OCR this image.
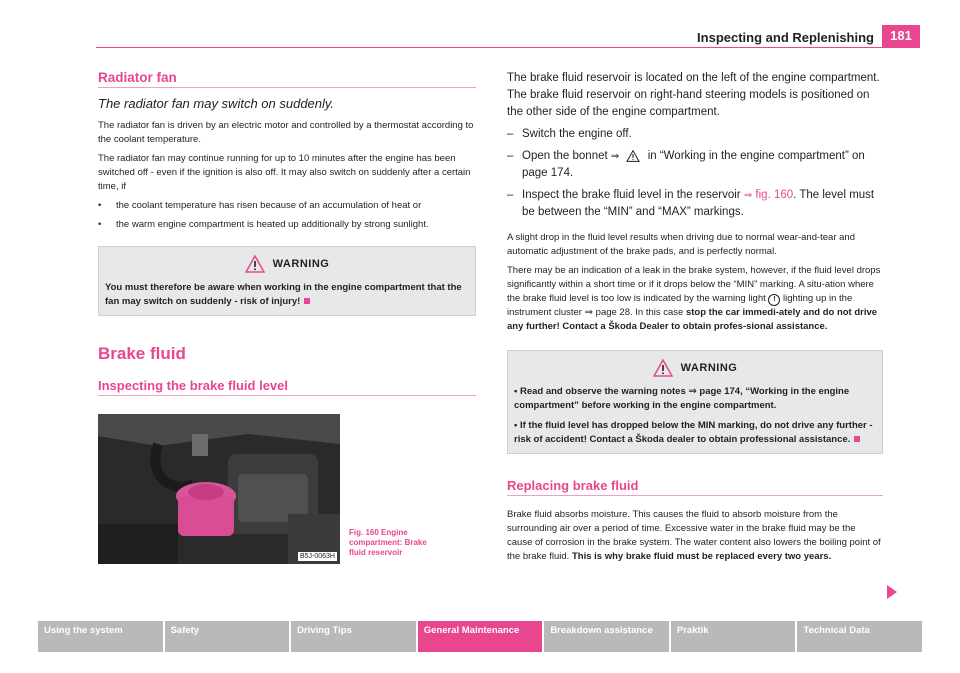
Inspecting and Replenishing	181
Radiator fan
The radiator fan may switch on suddenly.

The radiator fan is driven by an electric motor and controlled by a thermostat according to the coolant temperature.

The radiator fan may continue running for up to 10 minutes after the engine has been switched off - even if the ignition is also off. It may also switch on suddenly after a certain time, if

•	the coolant temperature has risen because of an accumulation of heat or
•	the warm engine compartment is heated up additionally by strong sunlight.
WARNING
You must therefore be aware when working in the engine compartment that the fan may switch on suddenly - risk of injury!
Brake fluid
Inspecting the brake fluid level
B5J-0063H
Fig. 160 Engine
compartment: Brake
fluid reservoir

The brake fluid reservoir is located on the left of the engine compartment. The brake fluid reservoir on right-hand steering models is positioned on the other side of the engine compartment.

– Switch the engine off.
– Open the bonnet ⇒ in “Working in the engine compartment” on page 174.
– Inspect the brake fluid level in the reservoir ⇒ fig. 160. The level must be between the “MIN” and “MAX” markings.

A slight drop in the fluid level results when driving due to normal wear-and-tear and automatic adjustment of the brake pads, and is perfectly normal.

There may be an indication of a leak in the brake system, however, if the fluid level drops significantly within a short time or if it drops below the “MIN” marking. A situ-ation where the brake fluid level is too low is indicated by the warning light ! lighting up in the instrument cluster ⇒ page 28. In this case stop the car immedi-ately and do not drive any further! Contact a Škoda Dealer to obtain profes-sional assistance.

WARNING
• Read and observe the warning notes ⇒ page 174, “Working in the engine compartment” before working in the engine compartment.
• If the fluid level has dropped below the MIN marking, do not drive any further - risk of accident! Contact a Škoda dealer to obtain professional assistance.
Replacing brake fluid

Brake fluid absorbs moisture. This causes the fluid to absorb moisture from the surrounding air over a period of time. Excessive water in the brake fluid may be the cause of corrosion in the brake system. The water content also lowers the boiling point of the brake fluid. This is why brake fluid must be replaced every two years.

Using the system	Safety	Driving Tips	General Maintenance	Breakdown assistance	Praktik	Technical Data
